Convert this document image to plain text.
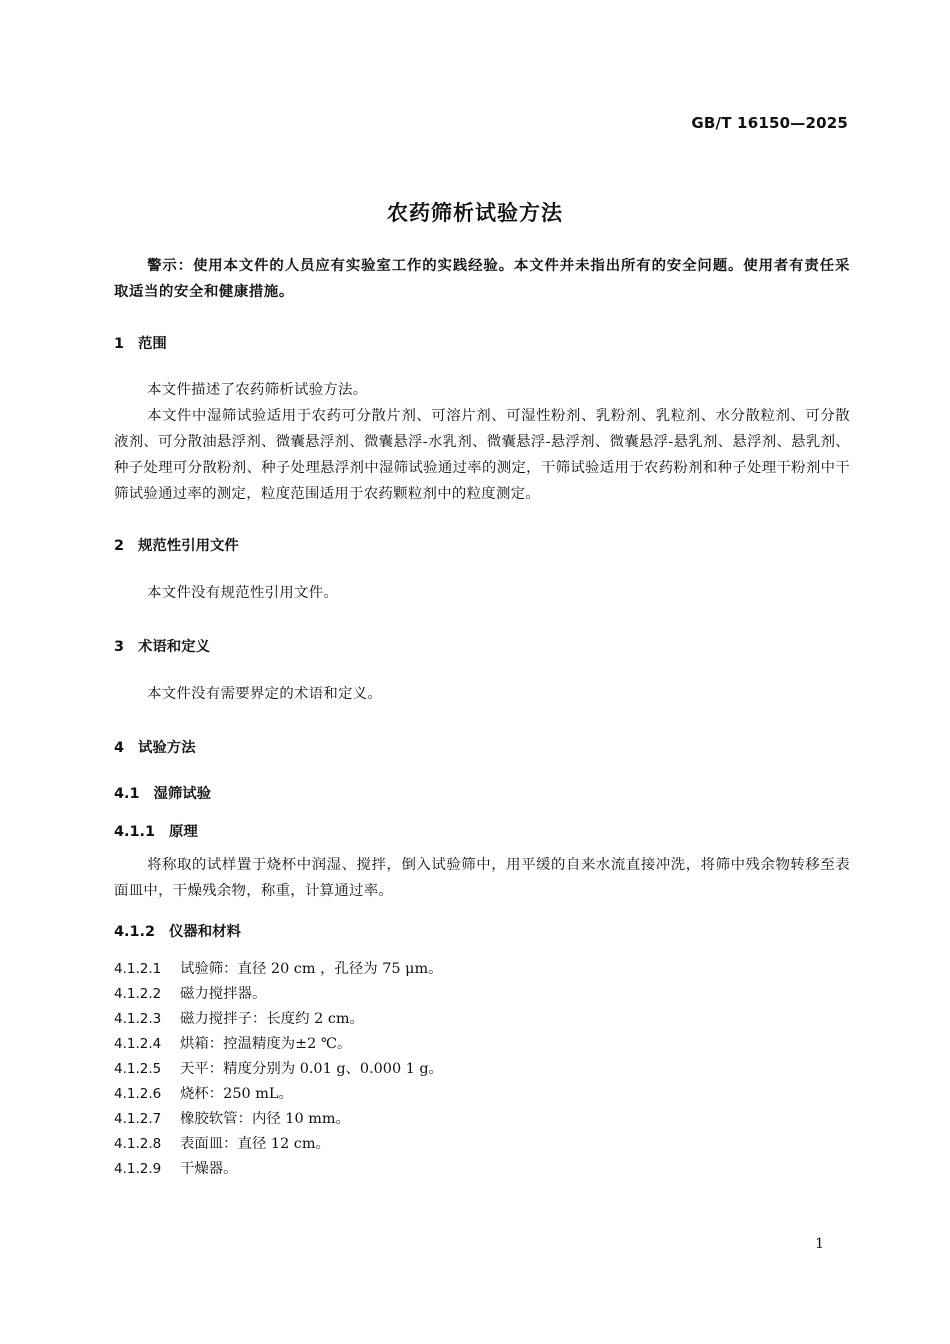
GB/T 16150—2025
农药筛析试验方法
警示：使用本文件的人员应有实验室工作的实践经验。本文件并未指出所有的安全问题。使用者有责任采取适当的安全和健康措施。
1 范围
本文件描述了农药筛析试验方法。
本文件中湿筛试验适用于农药可分散片剂、可溶片剂、可湿性粉剂、乳粉剂、乳粒剂、水分散粒剂、可分散液剂、可分散油悬浮剂、微囊悬浮剂、微囊悬浮-水乳剂、微囊悬浮-悬浮剂、微囊悬浮-悬乳剂、悬浮剂、悬乳剂、种子处理可分散粉剂、种子处理悬浮剂中湿筛试验通过率的测定，干筛试验适用于农药粉剂和种子处理干粉剂中干筛试验通过率的测定，粒度范围适用于农药颗粒剂中的粒度测定。
2 规范性引用文件
本文件没有规范性引用文件。
3 术语和定义
本文件没有需要界定的术语和定义。
4 试验方法
4.1 湿筛试验
4.1.1 原理
将称取的试样置于烧杯中润湿、搅拌，倒入试验筛中，用平缓的自来水流直接冲洗，将筛中残余物转移至表面皿中，干燥残余物，称重，计算通过率。
4.1.2 仪器和材料
4.1.2.1 试验筛：直径 20 cm ，孔径为 75 μm。
4.1.2.2 磁力搅拌器。
4.1.2.3 磁力搅拌子：长度约 2 cm。
4.1.2.4 烘箱：控温精度为±2 ℃。
4.1.2.5 天平：精度分别为 0.01 g、0.000 1 g。
4.1.2.6 烧杯：250 mL。
4.1.2.7 橡胶软管：内径 10 mm。
4.1.2.8 表面皿：直径 12 cm。
4.1.2.9 干燥器。
1
